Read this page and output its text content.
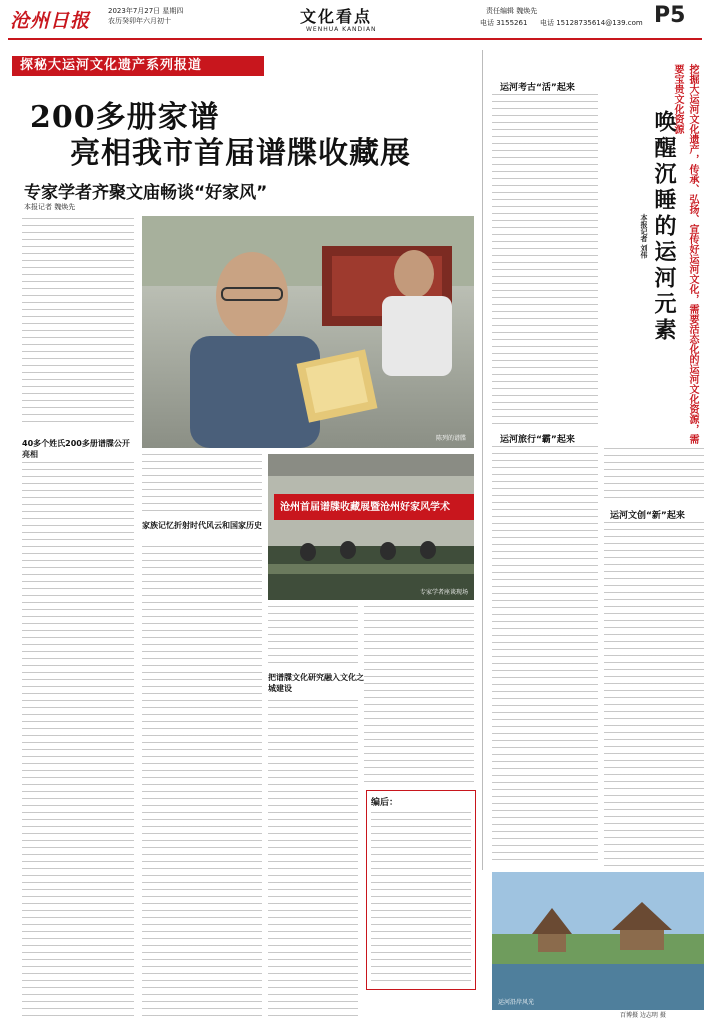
沧州日报	2023年7月27日 星期四
农历癸卯年六月初十	文化看点
WENHUA KANDIAN
责任编辑 魏焕先
电话 3155261 电话 15128735614@139.com P5
探秘大运河文化遗产系列报道
200多册家谱
亮相我市首届谱牒收藏展
专家学者齐聚文庙畅谈“好家风”
本报记者 魏焕先
陈列的谱牒	挖掘大运河文化遗产，传承、弘扬、宣传好运河文化，需要活态化的运河文化资源，需要宝贵文化资源
唤醒沉睡的运河元素
本报记者 刘伟
运河考古“活”起来
运河旅行“霸”起来
运河文创“新”起来
40多个姓氏200多册谱牒公开亮相
家族记忆折射时代风云和国家历史
沧州首届谱牒收藏展暨沧州好家风学术
专家学者座谈现场
把谱牒文化研究融入文化之城建设
编后：
运河沿岸风光
百博摄 边志明 摄
